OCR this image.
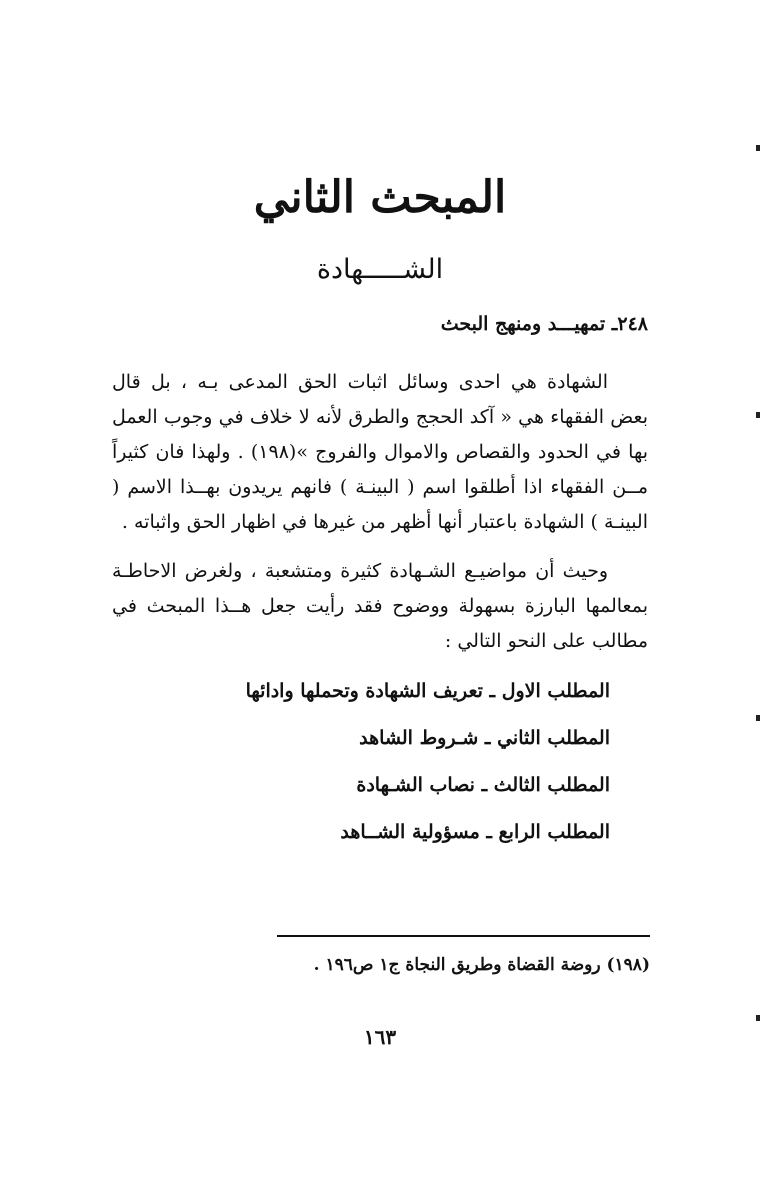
المبحث الثاني
الشـــــهادة
٢٤٨ـ تمهيـــد ومنهج البحث

الشهادة هي احدى وسائل اثبات الحق المدعى بـه ، بل قال بعض الفقهاء هي « آكد الحجج والطرق لأنه لا خلاف في وجوب العمل بها في الحدود والقصاص والاموال والفروج »(١٩٨) . ولهذا فان كثيراً مــن الفقهاء اذا أطلقوا اسم ( البينـة ) فانهم يريدون بهــذا الاسم ( البينـة ) الشهادة باعتبار أنها أظهر من غيرها في اظهار الحق واثباته .

وحيث أن مواضيـع الشـهادة كثيرة ومتشعبة ، ولغرض الاحاطـة بمعالمها البارزة بسهولة ووضوح فقد رأيت جعل هــذا المبحث في مطالب على النحو التالي :

المطلب الاول ـ تعريف الشهادة وتحملها وادائها
المطلب الثاني ـ شـروط الشاهد
المطلب الثالث ـ نصاب الشـهادة
المطلب الرابع ـ مسؤولية الشــاهد
(١٩٨) روضة القضاة وطريق النجاة ج١ ص١٩٦ .
١٦٣
